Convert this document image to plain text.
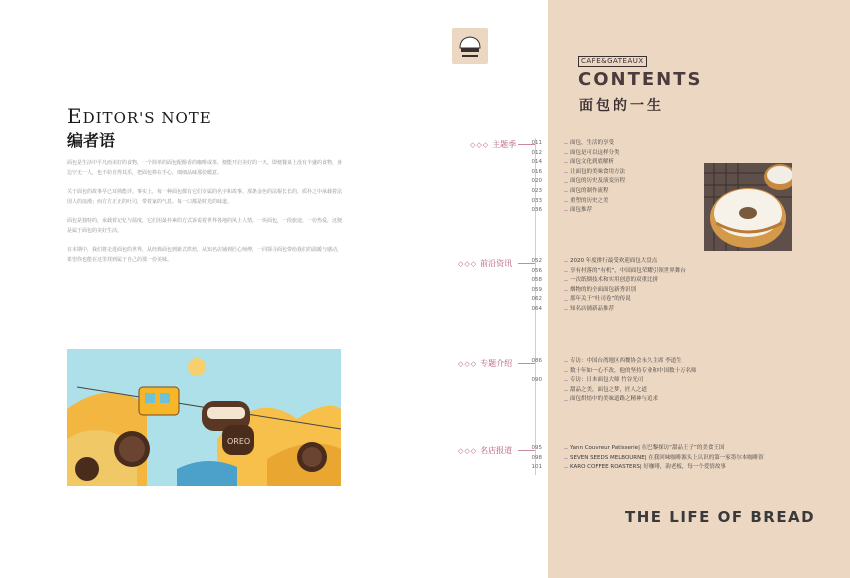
EDITOR'S NOTE
编者语

面包是生活中平凡而美好的食物，一个简单的面包配醇香的咖啡或茶，便能开启美好的一天。即便餐桌上没有丰盛的食物，身边空无一人，也不妨自得其乐，把面包捧在手心，细细品味那份暖意。

关于面包的故事早已耳熟能详。事实上，每一种面包都有它们专属的名字和故事。那条金色的法棍长长的，质朴之中承载着法国人的浪漫；而方方正正的吐司，带着家的气息。每一口都是时光的味道。

面包是独特的，承载着记忆与温度，它们用最朴素的方式诉说着世界各地的风土人情。一块面包，一段旅途，一份热爱，这便是属于面包的美好生活。

在本期中，我们将走进面包的世界，从经典面包到新式烘焙，从知名店铺到匠心师傅，一同探寻面包带给我们的温暖与感动，希望你也能在这里找到属于自己的那一份美味。

OREO
THE LIFE OF BREAD
CAFE&GATEAUX
CONTENTS
面包的一生
◇◇◇ 主题季	011	面包，生活的享受
012	面包是可以这样分类
014	面包文化到底解析
016	让面包的美味食用方法
020	面包的历史及演变历程
023	面包的制作流程
033	重塑的历史之美
036	面包推荐
◇◇◇ 前沿资讯	052	2020 年度排行最受欢迎面包大盘点
056	享有村落的“有机”，中国面包荣耀引领世界舞台
058	一次纸烟技术和实用创意的双重比拼
059	烟物的的全面面包新秀识别
062	那年关于“吐司卷”的传说
064	知名店铺新品推荐
◇◇◇ 专题介绍	086	专访：中国台湾地区西餐协会永久主席 李道生
数十年如一心不改，他的坚持专业和中国数十万名师
090	专访：日本面包大师 竹谷光司
甜品之美，面包之梦，匠人之道
面包烘焙中的美味道路之精神与追求
◇◇◇ 名店报道	095	Yann Couvreur Patisserie| 在巴黎探访“甜品王子”的美食王国
098	SEVEN SEEDS MELBOURNE| 在我回味咖啡源头上认识的第一家墨尔本咖啡馆
101	KARO COFFEE ROASTERS| 好咖啡，韵老板，每一个爱情故事
